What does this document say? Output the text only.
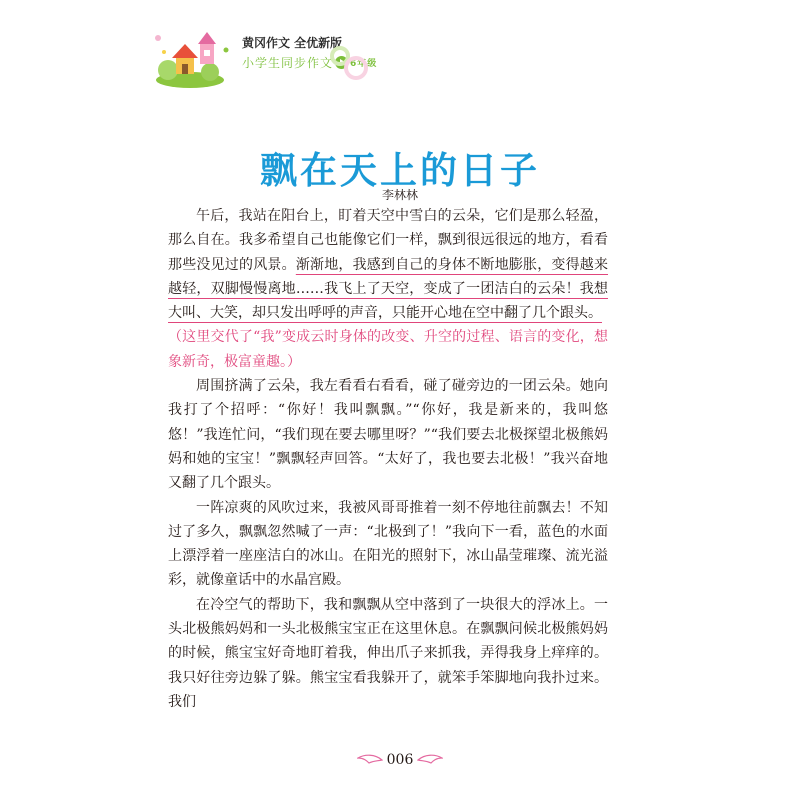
黄冈作文 全优新版
小学生同步作文 6年级
飘在天上的日子
李林林

午后，我站在阳台上，盯着天空中雪白的云朵，它们是那么轻盈，那么自在。我多希望自己也能像它们一样，飘到很远很远的地方，看看那些没见过的风景。渐渐地，我感到自己的身体不断地膨胀，变得越来越轻，双脚慢慢离地……我飞上了天空，变成了一团洁白的云朵！我想大叫、大笑，却只发出呼呼的声音，只能开心地在空中翻了几个跟头。

（这里交代了“我”变成云时身体的改变、升空的过程、语言的变化，想象新奇，极富童趣。）

周围挤满了云朵，我左看看右看看，碰了碰旁边的一团云朵。她向我打了个招呼：“你好！我叫飘飘。”“你好，我是新来的，我叫悠悠！”我连忙问，“我们现在要去哪里呀？”“我们要去北极探望北极熊妈妈和她的宝宝！”飘飘轻声回答。“太好了，我也要去北极！”我兴奋地又翻了几个跟头。

一阵凉爽的风吹过来，我被风哥哥推着一刻不停地往前飘去！不知过了多久，飘飘忽然喊了一声：“北极到了！”我向下一看，蓝色的水面上漂浮着一座座洁白的冰山。在阳光的照射下，冰山晶莹璀璨、流光溢彩，就像童话中的水晶宫殿。

在冷空气的帮助下，我和飘飘从空中落到了一块很大的浮冰上。一头北极熊妈妈和一头北极熊宝宝正在这里休息。在飘飘问候北极熊妈妈的时候，熊宝宝好奇地盯着我，伸出爪子来抓我，弄得我身上痒痒的。我只好往旁边躲了躲。熊宝宝看我躲开了，就笨手笨脚地向我扑过来。我们

006
